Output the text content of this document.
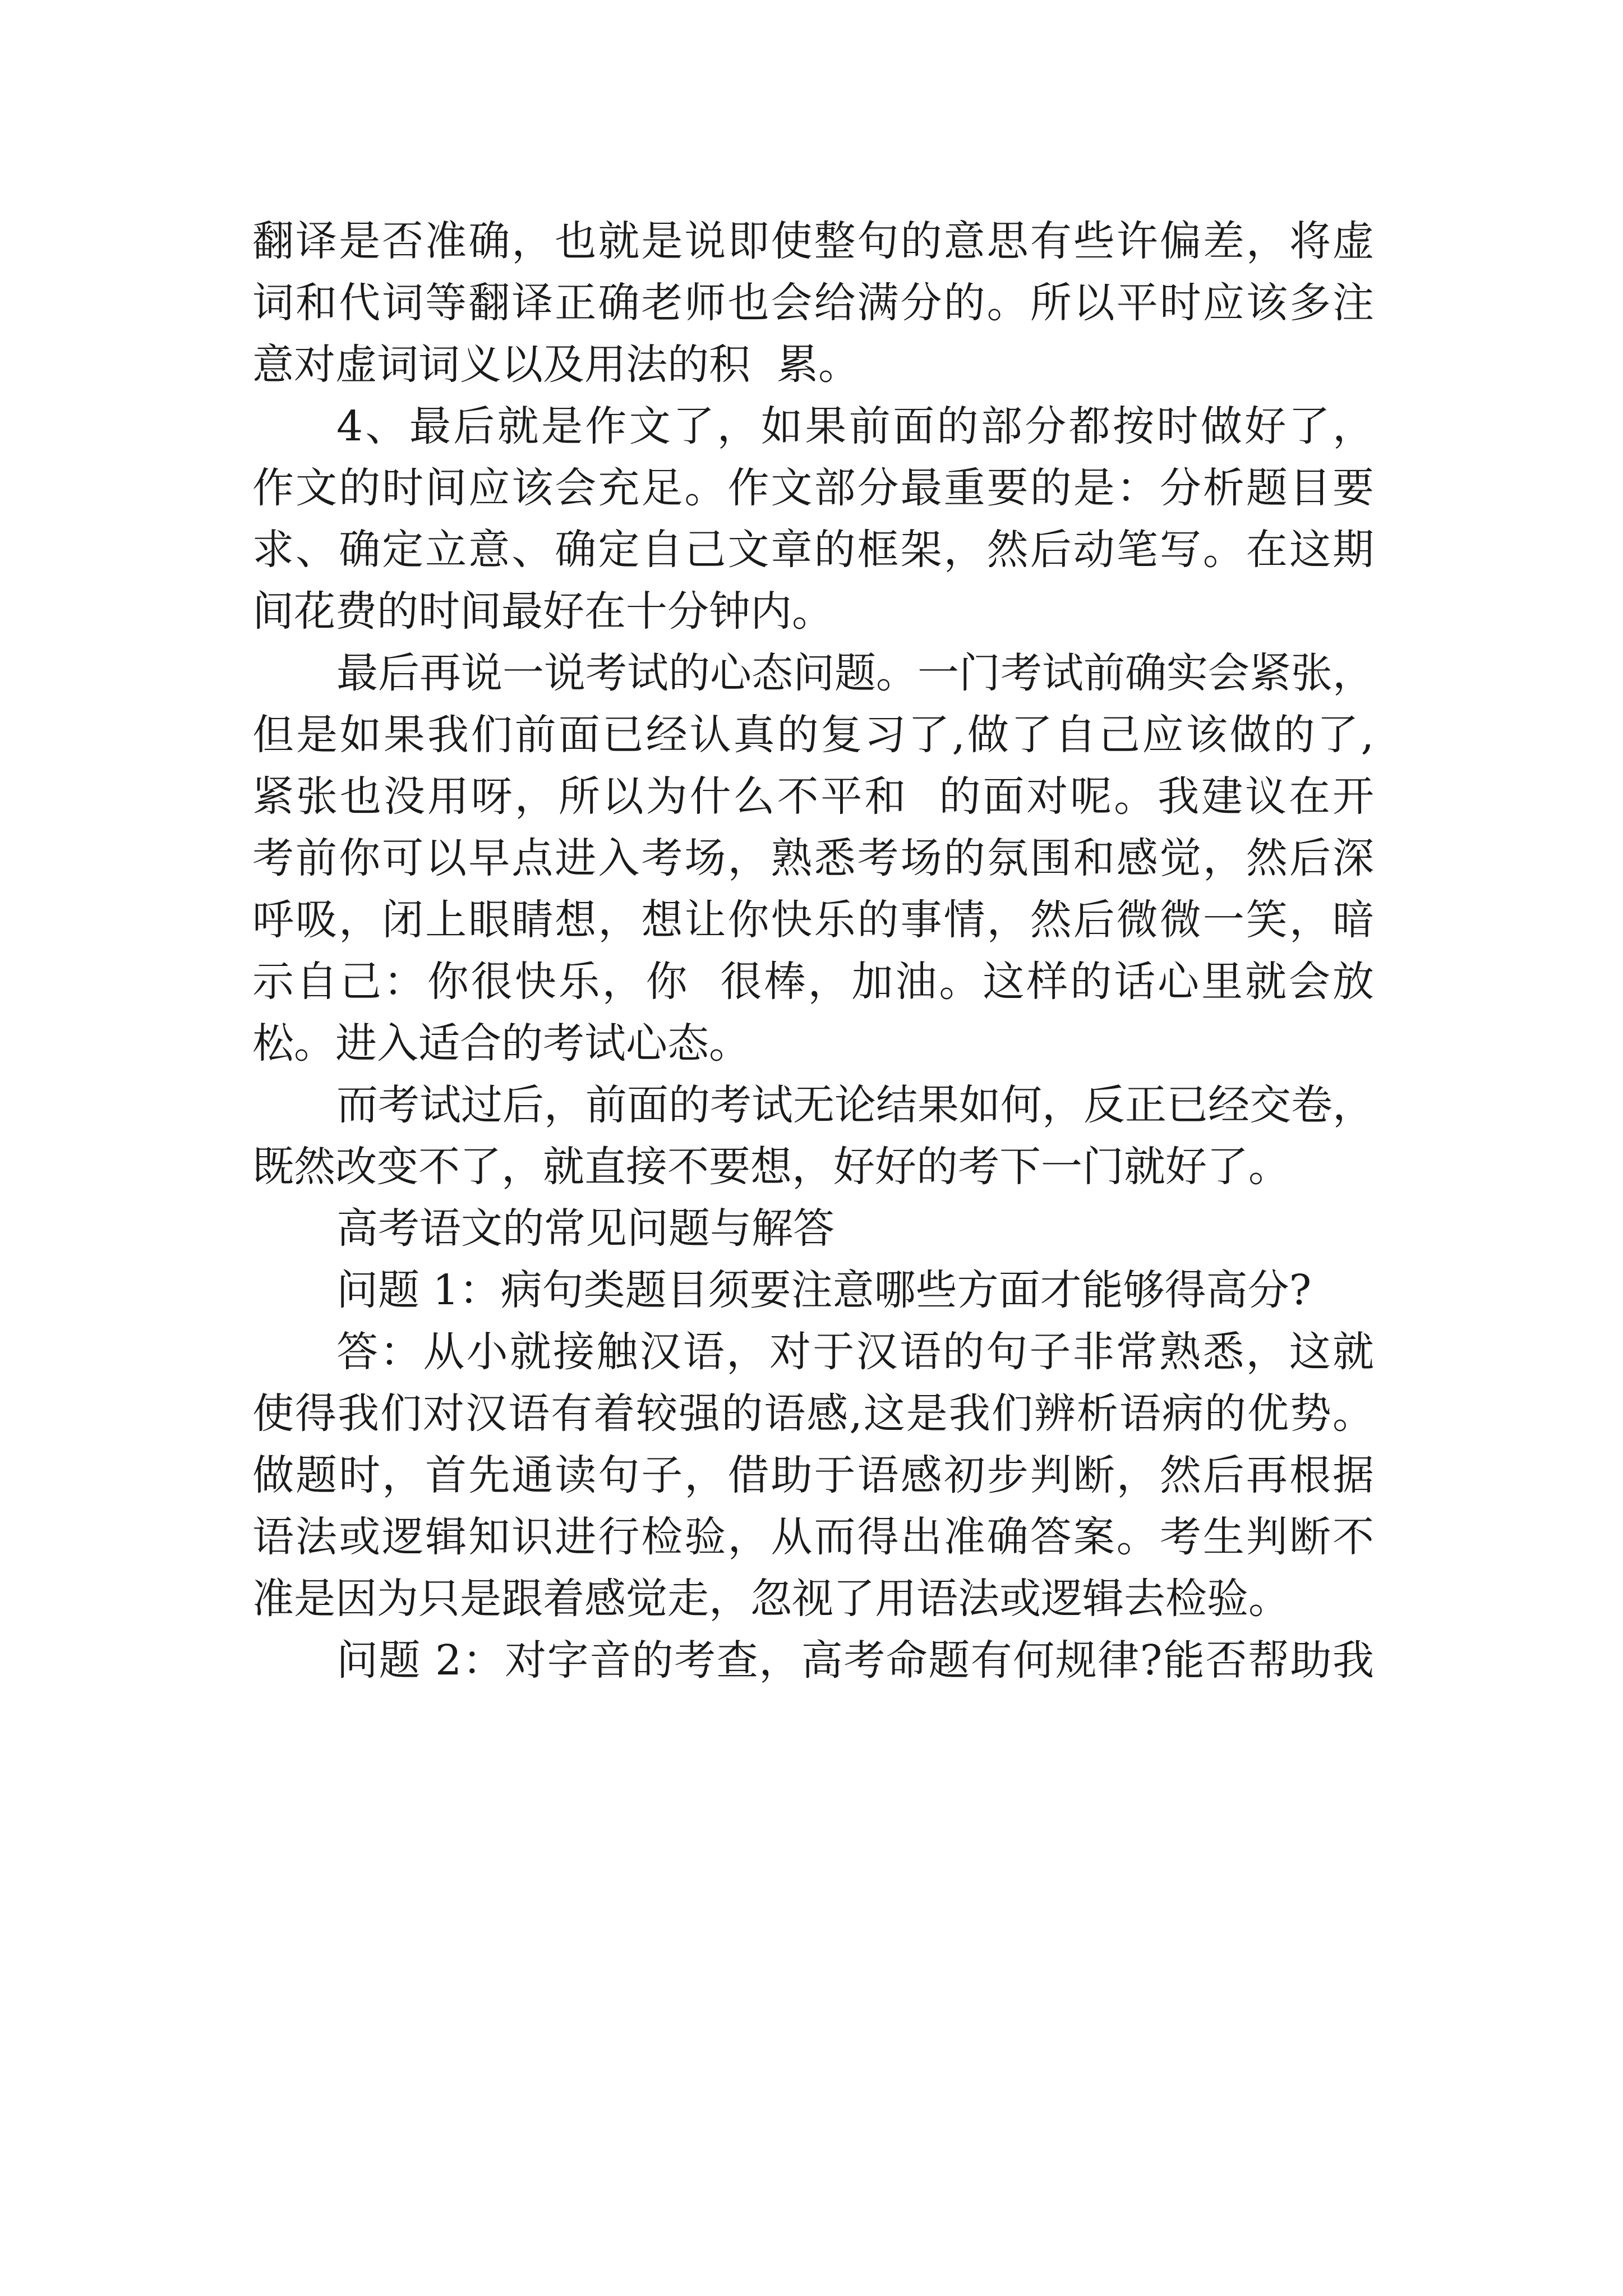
翻译是否准确，也就是说即使整句的意思有些许偏差，将虚

词和代词等翻译正确老师也会给满分的。所以平时应该多注

意对虚词词义以及用法的积  累。

4、最后就是作文了，如果前面的部分都按时做好了，

作文的时间应该会充足。作文部分最重要的是：分析题目要

求、确定立意、确定自己文章的框架，然后动笔写。在这期

间花费的时间最好在十分钟内。

最后再说一说考试的心态问题。一门考试前确实会紧张，

但是如果我们前面已经认真的复习了,做了自己应该做的了,

紧张也没用呀，所以为什么不平和  的面对呢。我建议在开

考前你可以早点进入考场，熟悉考场的氛围和感觉，然后深

呼吸，闭上眼睛想，想让你快乐的事情，然后微微一笑，暗

示自己：你很快乐，你  很棒，加油。这样的话心里就会放

松。进入适合的考试心态。

而考试过后，前面的考试无论结果如何，反正已经交卷，

既然改变不了，就直接不要想，好好的考下一门就好了。

高考语文的常见问题与解答

问题 1：病句类题目须要注意哪些方面才能够得高分?

答：从小就接触汉语，对于汉语的句子非常熟悉，这就

使得我们对汉语有着较强的语感,这是我们辨析语病的优势。

做题时，首先通读句子，借助于语感初步判断，然后再根据

语法或逻辑知识进行检验，从而得出准确答案。考生判断不

准是因为只是跟着感觉走，忽视了用语法或逻辑去检验。

问题 2：对字音的考查，高考命题有何规律?能否帮助我
